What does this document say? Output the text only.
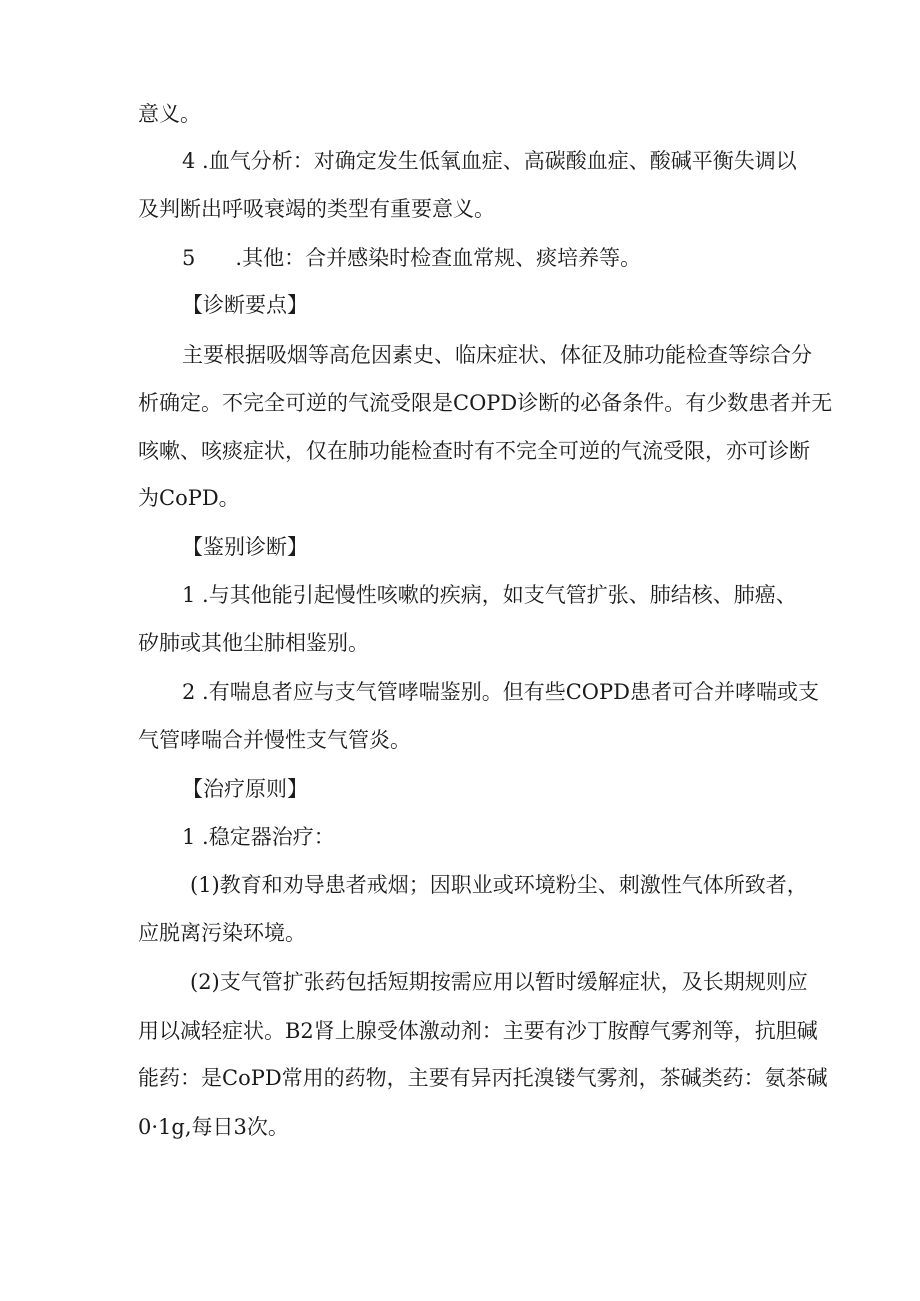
意义。
4 .血气分析：对确定发生低氧血症、高碳酸血症、酸碱平衡失调以
及判断出呼吸衰竭的类型有重要意义。
5      .其他：合并感染时检查血常规、痰培养等。
【诊断要点】
主要根据吸烟等高危因素史、临床症状、体征及肺功能检查等综合分
析确定。不完全可逆的气流受限是COPD诊断的必备条件。有少数患者并无
咳嗽、咳痰症状，仅在肺功能检查时有不完全可逆的气流受限，亦可诊断
为CoPD。
【鉴别诊断】
1 .与其他能引起慢性咳嗽的疾病，如支气管扩张、肺结核、肺癌、
矽肺或其他尘肺相鉴别。
2 .有喘息者应与支气管哮喘鉴别。但有些COPD患者可合并哮喘或支
气管哮喘合并慢性支气管炎。
【治疗原则】
1 .稳定器治疗：
(1)教育和劝导患者戒烟；因职业或环境粉尘、刺激性气体所致者，
应脱离污染环境。
(2)支气管扩张药包括短期按需应用以暂时缓解症状，及长期规则应
用以减轻症状。B2肾上腺受体激动剂：主要有沙丁胺醇气雾剂等，抗胆碱
能药：是CoPD常用的药物，主要有异丙托溴镂气雾剂，茶碱类药：氨茶碱
0·1g,每日3次。
